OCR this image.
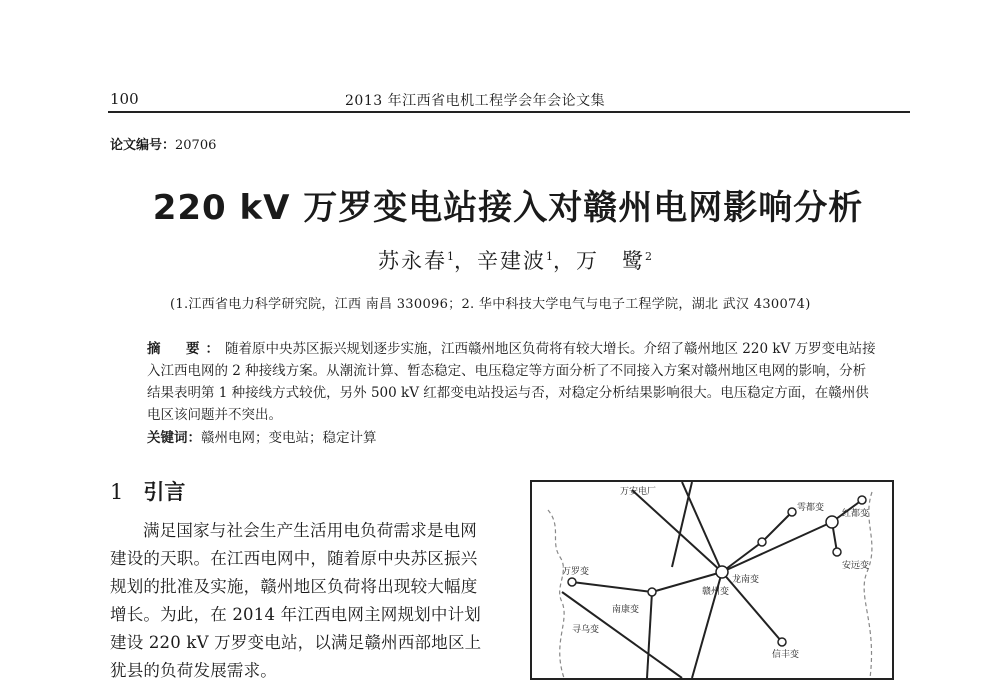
100	2013 年江西省电机工程学会年会论文集
论文编号：20706
220 kV 万罗变电站接入对赣州电网影响分析
苏永春$^1$，辛建波$^1$，万　鹭$^2$
(1.江西省电力科学研究院，江西 南昌 330096；2. 华中科技大学电气与电子工程学院，湖北 武汉 430074)
摘　要：随着原中央苏区振兴规划逐步实施，江西赣州地区负荷将有较大增长。介绍了赣州地区 220 kV 万罗变电站接入江西电网的 2 种接线方案。从潮流计算、暂态稳定、电压稳定等方面分析了不同接入方案对赣州地区电网的影响，分析结果表明第 1 种接线方式较优，另外 500 kV 红都变电站投运与否，对稳定分析结果影响很大。电压稳定方面，在赣州供电区该问题并不突出。
关键词：赣州电网；变电站；稳定计算
1 引言
满足国家与社会生产生活用电负荷需求是电网建设的天职。在江西电网中，随着原中央苏区振兴规划的批准及实施，赣州地区负荷将出现较大幅度增长。为此，在 2014 年江西电网主网规划中计划建设 220 kV 万罗变电站，以满足赣州西部地区上犹县的负荷发展需求。
万安电厂
雩都变
龙南变
万罗变
赣州变
红都变
信丰变
南康变
安远变
寻乌变
